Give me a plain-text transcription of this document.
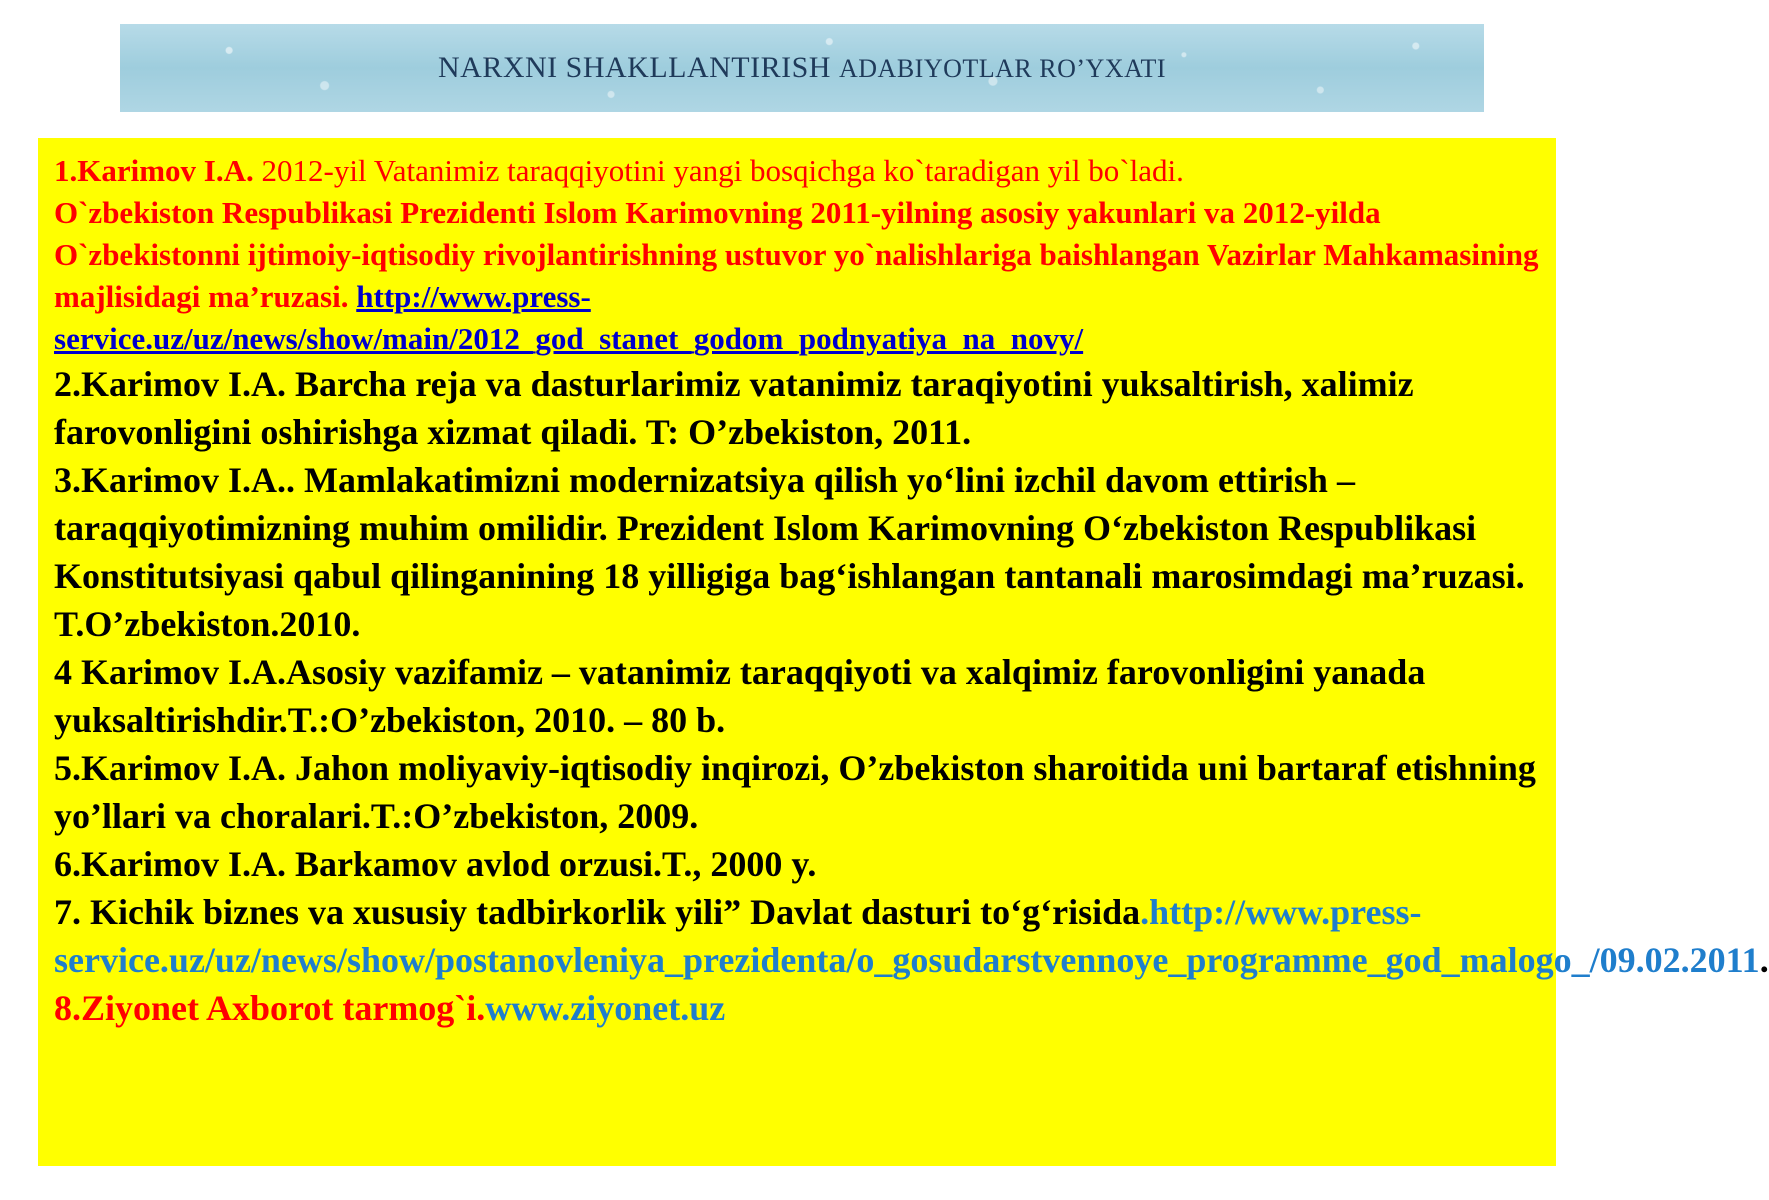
NARXNI SHAKLLANTIRISH ADABIYOTLAR RO’YXATI
1.Karimov I.A. 2012-yil Vatanimiz taraqqiyotini yangi bosqichga ko`taradigan yil bo`ladi.
O`zbekiston Respublikasi Prezidenti Islom Karimovning 2011-yilning asosiy yakunlari va 2012-yilda O`zbekistonni ijtimoiy-iqtisodiy rivojlantirishning ustuvor yo`nalishlariga baishlangan Vazirlar Mahkamasining majlisidagi ma’ruzasi. http://www.press-service.uz/uz/news/show/main/2012_god_stanet_godom_podnyatiya_na_novy/

2.Karimov I.A. Barcha reja va dasturlarimiz vatanimiz taraqiyotini yuksaltirish, xalimiz farovonligini oshirishga xizmat qiladi. T: O’zbekiston, 2011.

3.Karimov I.A.. Mamlakatimizni modernizatsiya qilish yo‘lini izchil davom ettirish – taraqqiyotimizning muhim omilidir. Prezident Islom Karimovning O‘zbekiston Respublikasi Konstitutsiyasi qabul qilinganining 18 yilligiga bag‘ishlangan tantanali marosimdagi ma’ruzasi. T.O’zbekiston.2010.

4 Karimov I.A.Asosiy vazifamiz – vatanimiz taraqqiyoti va xalqimiz farovonligini yanada yuksaltirishdir.T.:O’zbekiston, 2010. – 80 b.

5.Karimov I.A. Jahon moliyaviy-iqtisodiy inqirozi, O’zbekiston sharoitida uni bartaraf etishning yo’llari va choralari.T.:O’zbekiston, 2009.

6.Karimov I.A. Barkamov avlod orzusi.T., 2000 y.

7. Kichik biznes va xususiy tadbirkorlik yili” Davlat dasturi to‘g‘risida.http://www.press-service.uz/uz/news/show/postanovleniya_prezidenta/o_gosudarstvennoye_programme_god_malogo_/09.02.2011.

8.Ziyonet Axborot tarmog`i.www.ziyonet.uz
